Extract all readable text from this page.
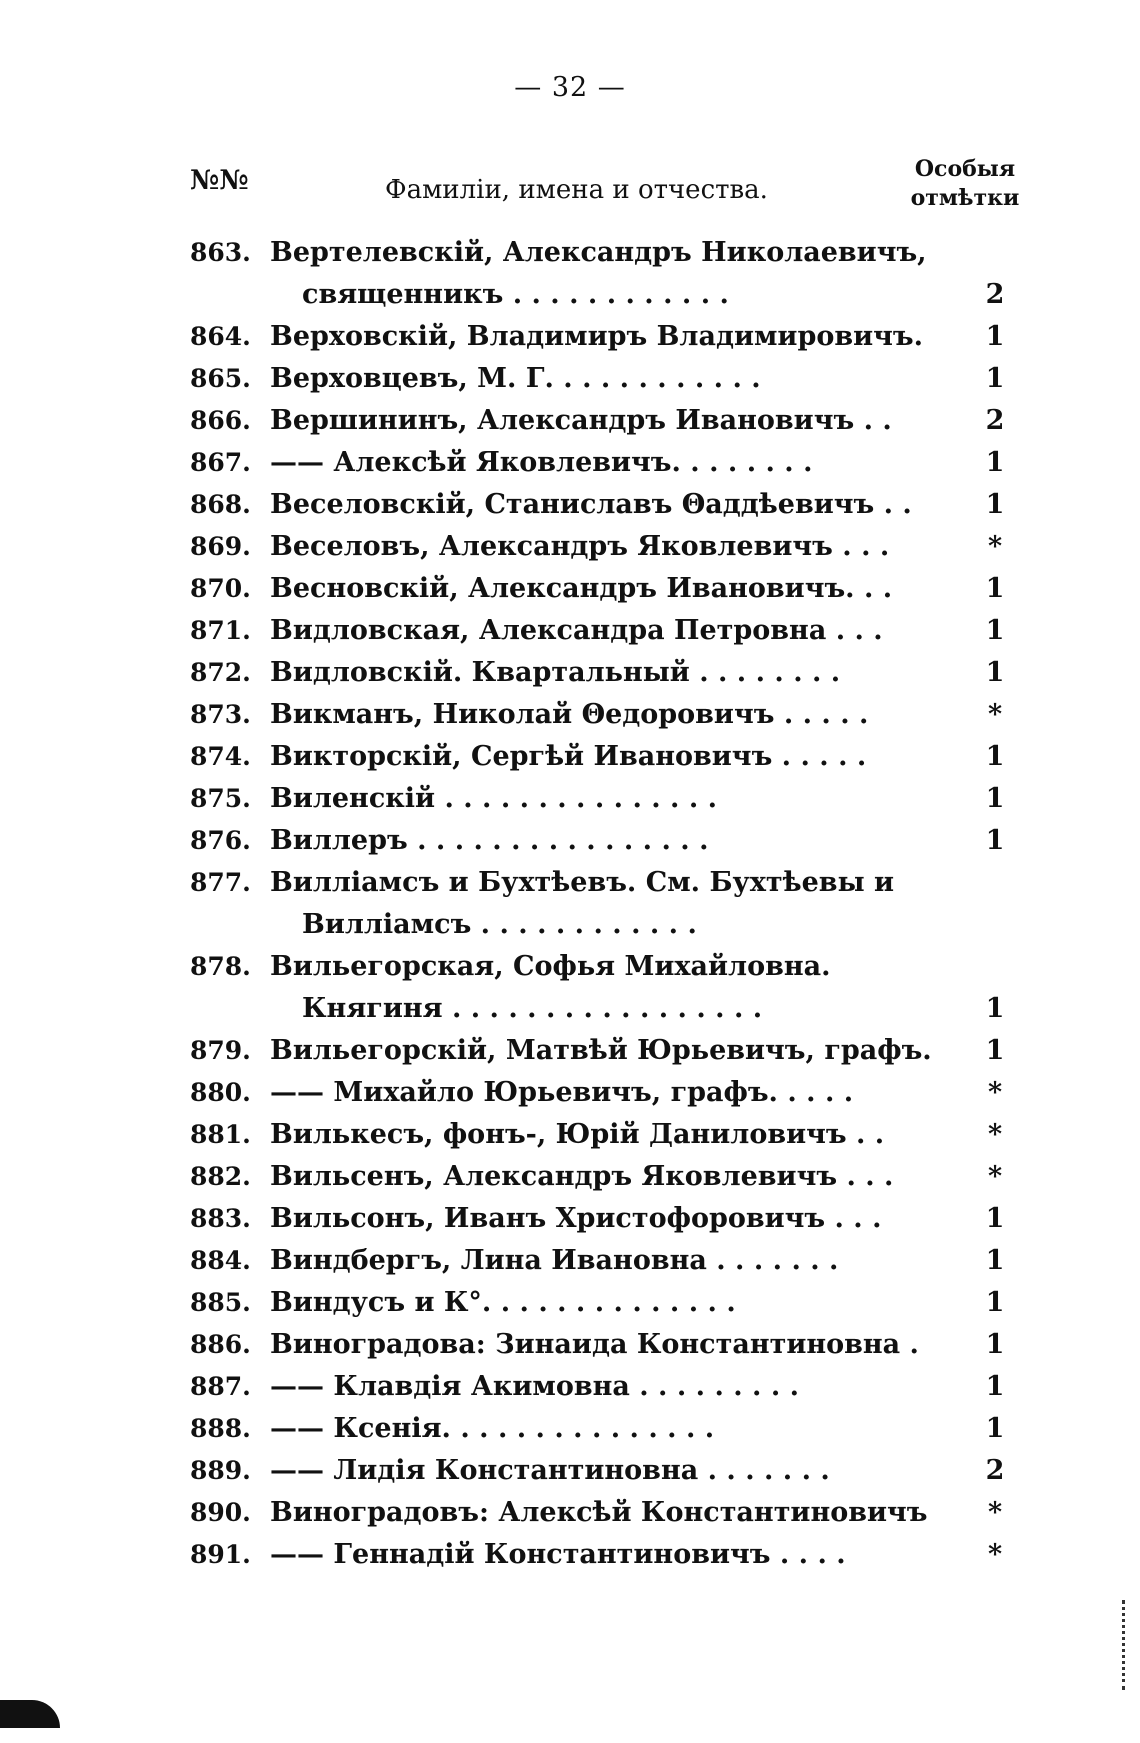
— 32 —
№№	Фамиліи, имена и отчества.
Особыя
отмѣтки
863. Вертелевскій, Александръ Николаевичъ, священникъ . . . . . . . . . . . .	2
864. Верховскій, Владимиръ Владимировичъ.	1
865. Верховцевъ, М. Г. . . . . . . . . . . .	1
866. Вершининъ, Александръ Ивановичъ . .	2
867. —— Алексѣй Яковлевичъ. . . . . . . .	1
868. Веселовскій, Станиславъ Θаддѣевичъ . .	1
869. Веселовъ, Александръ Яковлевичъ . . .	*
870. Весновскій, Александръ Ивановичъ. . .	1
871. Видловская, Александра Петровна . . .	1
872. Видловскій. Квартальный . . . . . . . .	1
873. Викманъ, Николай Θедоровичъ . . . . .	*
874. Викторскій, Сергѣй Ивановичъ . . . . .	1
875. Виленскій . . . . . . . . . . . . . . .	1
876. Виллеръ . . . . . . . . . . . . . . . .	1
877. Вилліамсъ и Бухтѣевъ. См. Бухтѣевы и Вилліамсъ . . . . . . . . . . . .
878. Вильегорская, Софья Михайловна. Княгиня . . . . . . . . . . . . . . . . .	1
879. Вильегорскій, Матвѣй Юрьевичъ, графъ.	1
880. —— Михайло Юрьевичъ, графъ. . . . .	*
881. Вилькесъ, фонъ-, Юрій Даниловичъ . .	*
882. Вильсенъ, Александръ Яковлевичъ . . .	*
883. Вильсонъ, Иванъ Христофоровичъ . . .	1
884. Виндбергъ, Лина Ивановна . . . . . . .	1
885. Виндусъ и К°. . . . . . . . . . . . . .	1
886. Виноградова: Зинаида Константиновна .	1
887. —— Клавдія Акимовна . . . . . . . . .	1
888. —— Ксенія. . . . . . . . . . . . . . .	1
889. —— Лидія Константиновна . . . . . . .	2
890. Виноградовъ: Алексѣй Константиновичъ	*
891. —— Геннадій Константиновичъ . . . .	*
